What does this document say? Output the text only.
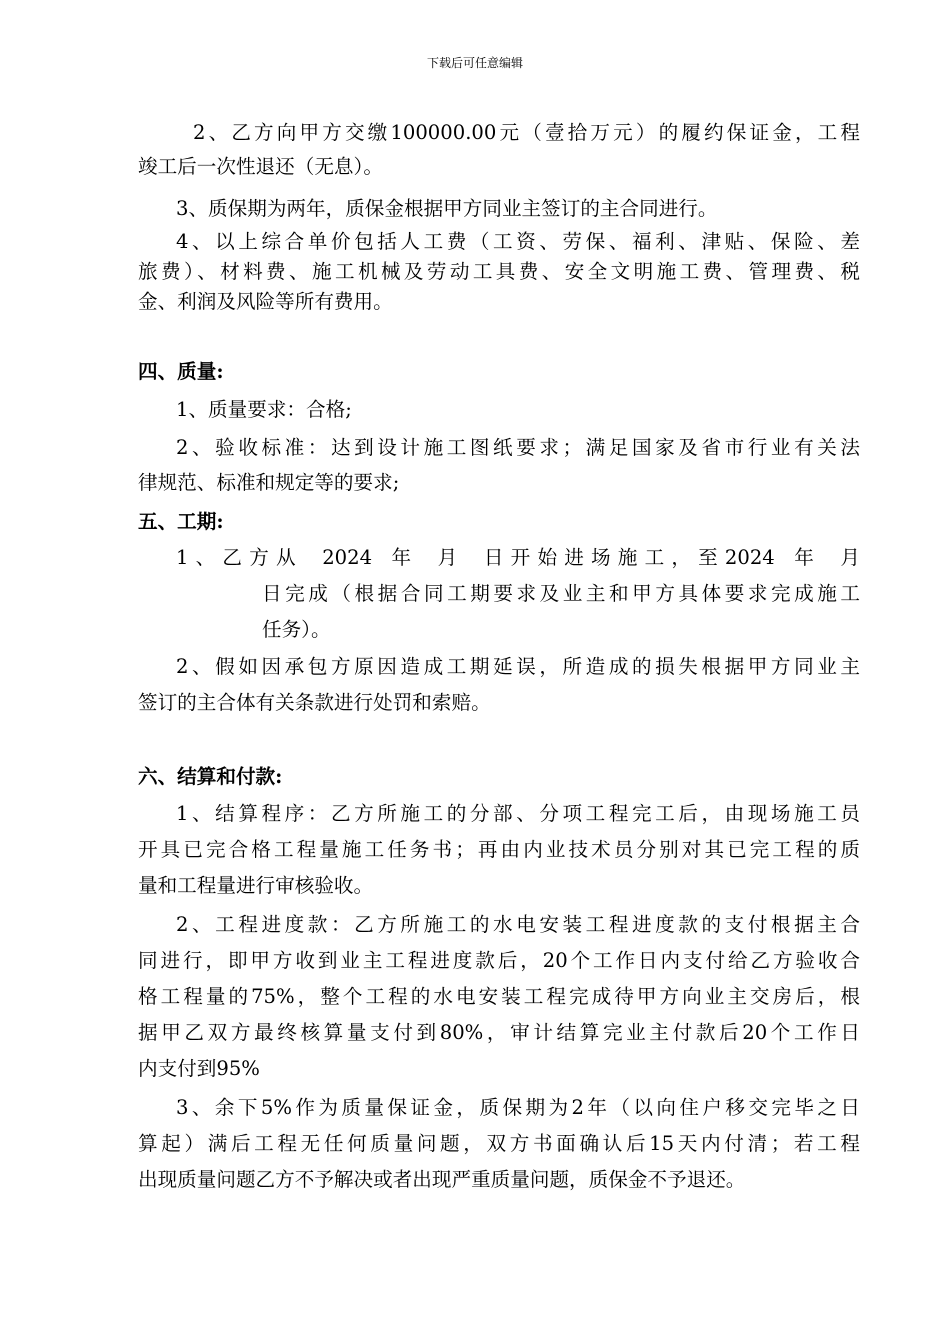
下载后可任意编辑
2、乙方向甲方交缴100000.00元（壹拾万元）的履约保证金，工程
竣工后一次性退还（无息）。
3、质保期为两年，质保金根据甲方同业主签订的主合同进行。
4、以上综合单价包括人工费（工资、劳保、福利、津贴、保险、差
旅费）、材料费、施工机械及劳动工具费、安全文明施工费、管理费、税
金、利润及风险等所有费用。
四、质量:
1、质量要求：合格;
2、验收标准：达到设计施工图纸要求；满足国家及省市行业有关法
律规范、标准和规定等的要求;
五、工期:
1、乙方从 2024 年 月 日开始进场施工，至2024 年 月
日完成（根据合同工期要求及业主和甲方具体要求完成施工
任务）。
2、假如因承包方原因造成工期延误，所造成的损失根据甲方同业主
签订的主合体有关条款进行处罚和索赔。
六、结算和付款:
1、结算程序：乙方所施工的分部、分项工程完工后，由现场施工员
开具已完合格工程量施工任务书；再由内业技术员分别对其已完工程的质
量和工程量进行审核验收。
2、工程进度款：乙方所施工的水电安装工程进度款的支付根据主合
同进行，即甲方收到业主工程进度款后，20个工作日内支付给乙方验收合
格工程量的75%，整个工程的水电安装工程完成待甲方向业主交房后，根
据甲乙双方最终核算量支付到80%，审计结算完业主付款后20个工作日
内支付到95%
3、余下5%作为质量保证金，质保期为2年（以向住户移交完毕之日
算起）满后工程无任何质量问题，双方书面确认后15天内付清；若工程
出现质量问题乙方不予解决或者出现严重质量问题，质保金不予退还。
